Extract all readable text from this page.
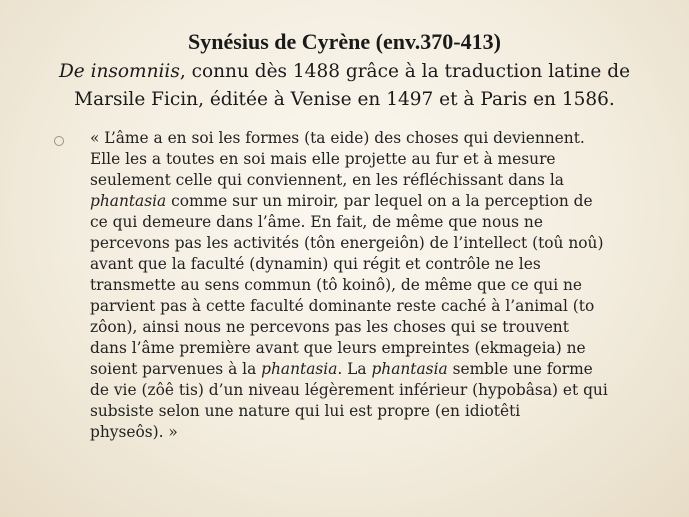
Synésius de Cyrène (env.370-413)
De insomniis, connu dès 1488 grâce à la traduction latine de
Marsile Ficin, éditée à Venise en 1497 et à Paris en 1586.
« L’âme a en soi les formes (ta eide) des choses qui deviennent.
Elle les a toutes en soi mais elle projette au fur et à mesure
seulement celle qui conviennent, en les réfléchissant dans la
phantasia comme sur un miroir, par lequel on a la perception de
ce qui demeure dans l’âme. En fait, de même que nous ne
percevons pas les activités (tôn energeiôn) de l’intellect (toû noû)
avant que la faculté (dynamin) qui régit et contrôle ne les
transmette au sens commun (tô koinô), de même que ce qui ne
parvient pas à cette faculté dominante reste caché à l’animal (to
zôon), ainsi nous ne percevons pas les choses qui se trouvent
dans l’âme première avant que leurs empreintes (ekmageia) ne
soient parvenues à la phantasia. La phantasia semble une forme
de vie (zôê tis) d’un niveau légèrement inférieur (hypobâsa) et qui
subsiste selon une nature qui lui est propre (en idiotêti
physeôs). »
